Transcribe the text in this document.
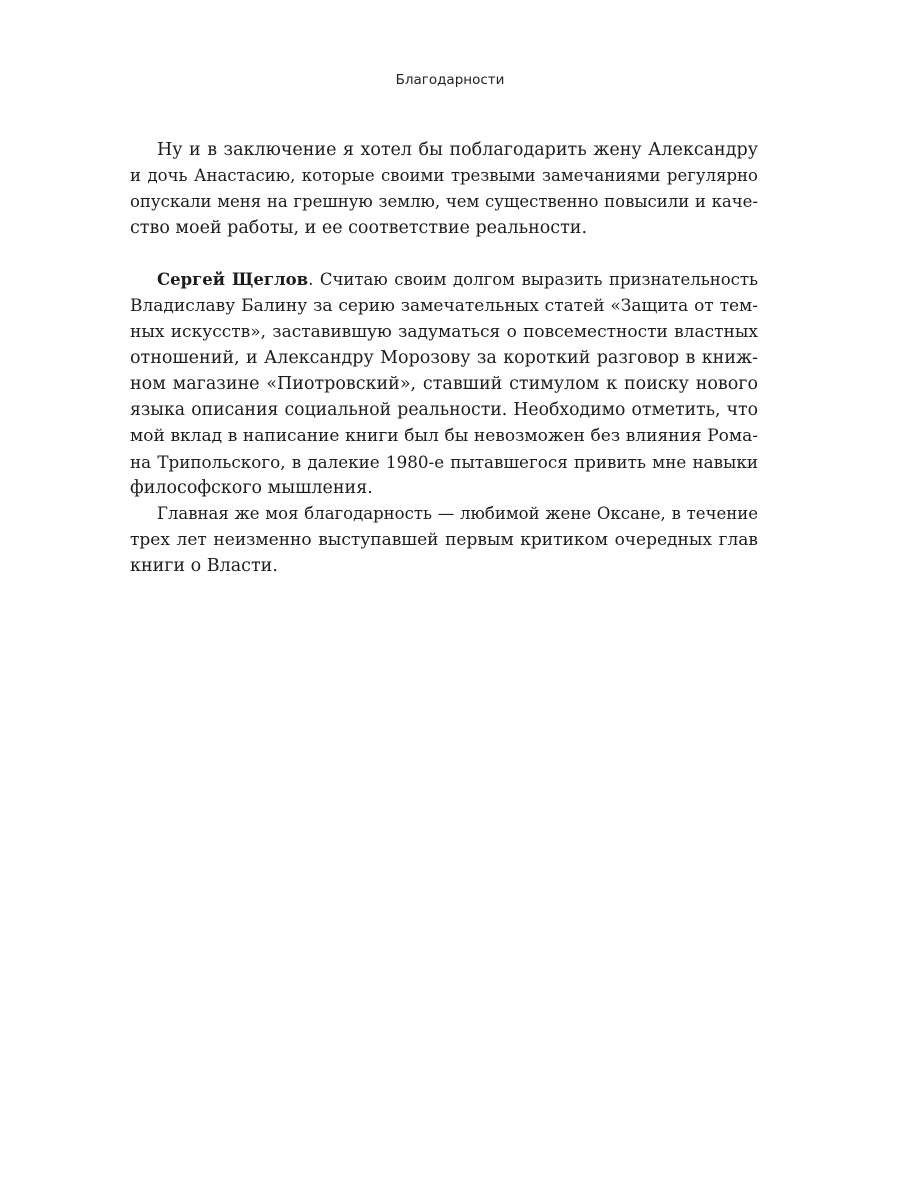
Благодарности

Ну и в заключение я хотел бы поблагодарить жену Александру
и дочь Анастасию, которые своими трезвыми замечаниями регулярно
опускали меня на грешную землю, чем существенно повысили и каче-
ство моей работы, и ее соответствие реальности.

Сергей Щеглов. Считаю своим долгом выразить признательность
Владиславу Балину за серию замечательных статей «Защита от тем-
ных искусств», заставившую задуматься о повсеместности властных
отношений, и Александру Морозову за короткий разговор в книж-
ном магазине «Пиотровский», ставший стимулом к поиску нового
языка описания социальной реальности. Необходимо отметить, что
мой вклад в написание книги был бы невозможен без влияния Рома-
на Трипольского, в далекие 1980-е пытавшегося привить мне навыки
философского мышления.

Главная же моя благодарность — любимой жене Оксане, в течение
трех лет неизменно выступавшей первым критиком очередных глав
книги о Власти.
